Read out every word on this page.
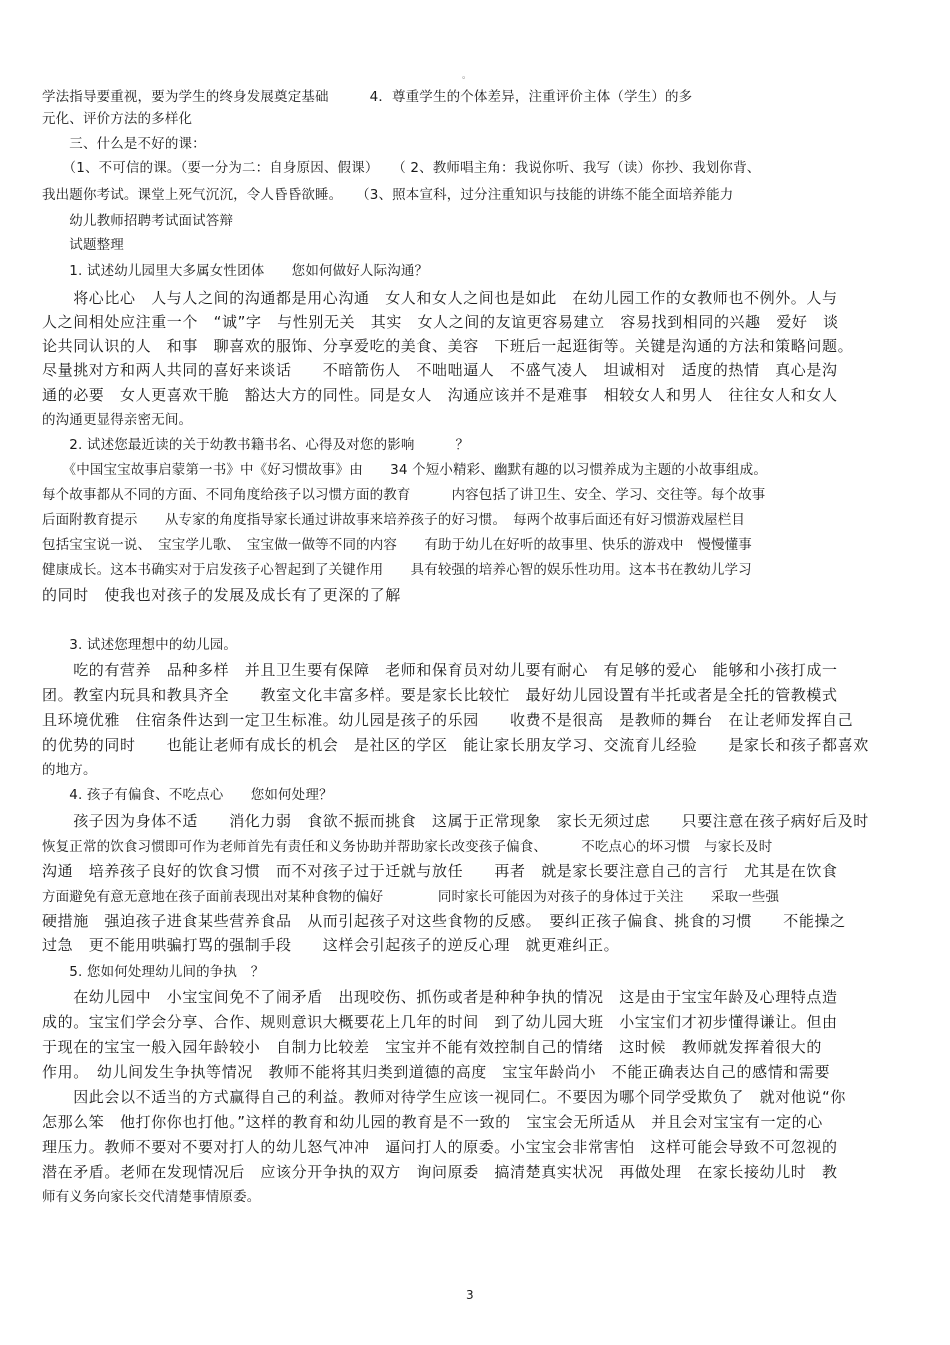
。
学法指导要重视，要为学生的终身发展奠定基础　　　4．尊重学生的个体差异，注重评价主体（学生）的多
元化、评价方法的多样化
　　三、什么是不好的课：
　　（1、不可信的课。（要一分为二：自身原因、假课）　　（ 2、教师唱主角：我说你听、我写（读）你抄、我划你背、
我出题你考试。课堂上死气沉沉，令人昏昏欲睡。　　（3、照本宣科，过分注重知识与技能的讲练不能全面培养能力
　　幼儿教师招聘考试面试答辩
　　试题整理
　　1. 试述幼儿园里大多属女性团体　　您如何做好人际沟通？
　　将心比心　人与人之间的沟通都是用心沟通　女人和女人之间也是如此　在幼儿园工作的女教师也不例外。人与
人之间相处应注重一个　“诚”字　与性别无关　其实　女人之间的友谊更容易建立　容易找到相同的兴趣　爱好　谈
论共同认识的人　和事　聊喜欢的服饰、分享爱吃的美食、美容　下班后一起逛街等。关键是沟通的方法和策略问题。
尽量挑对方和两人共同的喜好来谈话　　不暗箭伤人　不咄咄逼人　不盛气凌人　坦诚相对　适度的热情　真心是沟
通的必要　女人更喜欢干脆　豁达大方的同性。同是女人　沟通应该并不是难事　相较女人和男人　往往女人和女人
的沟通更显得亲密无间。
　　2. 试述您最近读的关于幼教书籍书名、心得及对您的影响　　　？
　　《中国宝宝故事启蒙第一书》中《好习惯故事》由　　34 个短小精彩、幽默有趣的以习惯养成为主题的小故事组成。
每个故事都从不同的方面、不同角度给孩子以习惯方面的教育　　　内容包括了讲卫生、安全、学习、交往等。每个故事
后面附教育提示　　从专家的角度指导家长通过讲故事来培养孩子的好习惯。　每两个故事后面还有好习惯游戏屋栏目
包括宝宝说一说、　宝宝学儿歌、　宝宝做一做等不同的内容　　有助于幼儿在好听的故事里、快乐的游戏中　慢慢懂事
健康成长。这本书确实对于启发孩子心智起到了关键作用　　具有较强的培养心智的娱乐性功用。这本书在教幼儿学习
的同时　使我也对孩子的发展及成长有了更深的了解
　　3. 试述您理想中的幼儿园。
　　吃的有营养　品种多样　并且卫生要有保障　老师和保育员对幼儿要有耐心　有足够的爱心　能够和小孩打成一
团。教室内玩具和教具齐全　　教室文化丰富多样。要是家长比较忙　最好幼儿园设置有半托或者是全托的管教模式
且环境优雅　住宿条件达到一定卫生标准。幼儿园是孩子的乐园　　收费不是很高　是教师的舞台　在让老师发挥自己
的优势的同时　　也能让老师有成长的机会　是社区的学区　能让家长朋友学习、交流育儿经验　　是家长和孩子都喜欢
的地方。
　　4. 孩子有偏食、不吃点心　　您如何处理？
　　孩子因为身体不适　　消化力弱　食欲不振而挑食　这属于正常现象　家长无须过虑　　只要注意在孩子病好后及时
恢复正常的饮食习惯即可作为老师首先有责任和义务协助并帮助家长改变孩子偏食、　　　不吃点心的坏习惯　与家长及时
沟通　培养孩子良好的饮食习惯　而不对孩子过于迁就与放任　　再者　就是家长要注意自己的言行　尤其是在饮食
方面避免有意无意地在孩子面前表现出对某种食物的偏好　　　　同时家长可能因为对孩子的身体过于关注　　采取一些强
硬措施　强迫孩子进食某些营养食品　从而引起孩子对这些食物的反感。　要纠正孩子偏食、挑食的习惯　　不能操之
过急　更不能用哄骗打骂的强制手段　　这样会引起孩子的逆反心理　就更难纠正。
　　5. 您如何处理幼儿间的争执　？
　　在幼儿园中　小宝宝间免不了闹矛盾　出现咬伤、抓伤或者是种种争执的情况　这是由于宝宝年龄及心理特点造
成的。宝宝们学会分享、合作、规则意识大概要花上几年的时间　到了幼儿园大班　小宝宝们才初步懂得谦让。但由
于现在的宝宝一般入园年龄较小　自制力比较差　宝宝并不能有效控制自己的情绪　这时候　教师就发挥着很大的
作用。　幼儿间发生争执等情况　教师不能将其归类到道德的高度　宝宝年龄尚小　不能正确表达自己的感情和需要
　　因此会以不适当的方式赢得自己的利益。教师对待学生应该一视同仁。不要因为哪个同学受欺负了　就对他说“你
怎那么笨　他打你你也打他。”这样的教育和幼儿园的教育是不一致的　宝宝会无所适从　并且会对宝宝有一定的心
理压力。教师不要对不要对打人的幼儿怒气冲冲　逼问打人的原委。小宝宝会非常害怕　这样可能会导致不可忽视的
潜在矛盾。老师在发现情况后　应该分开争执的双方　询问原委　搞清楚真实状况　再做处理　在家长接幼儿时　教
师有义务向家长交代清楚事情原委。
3
